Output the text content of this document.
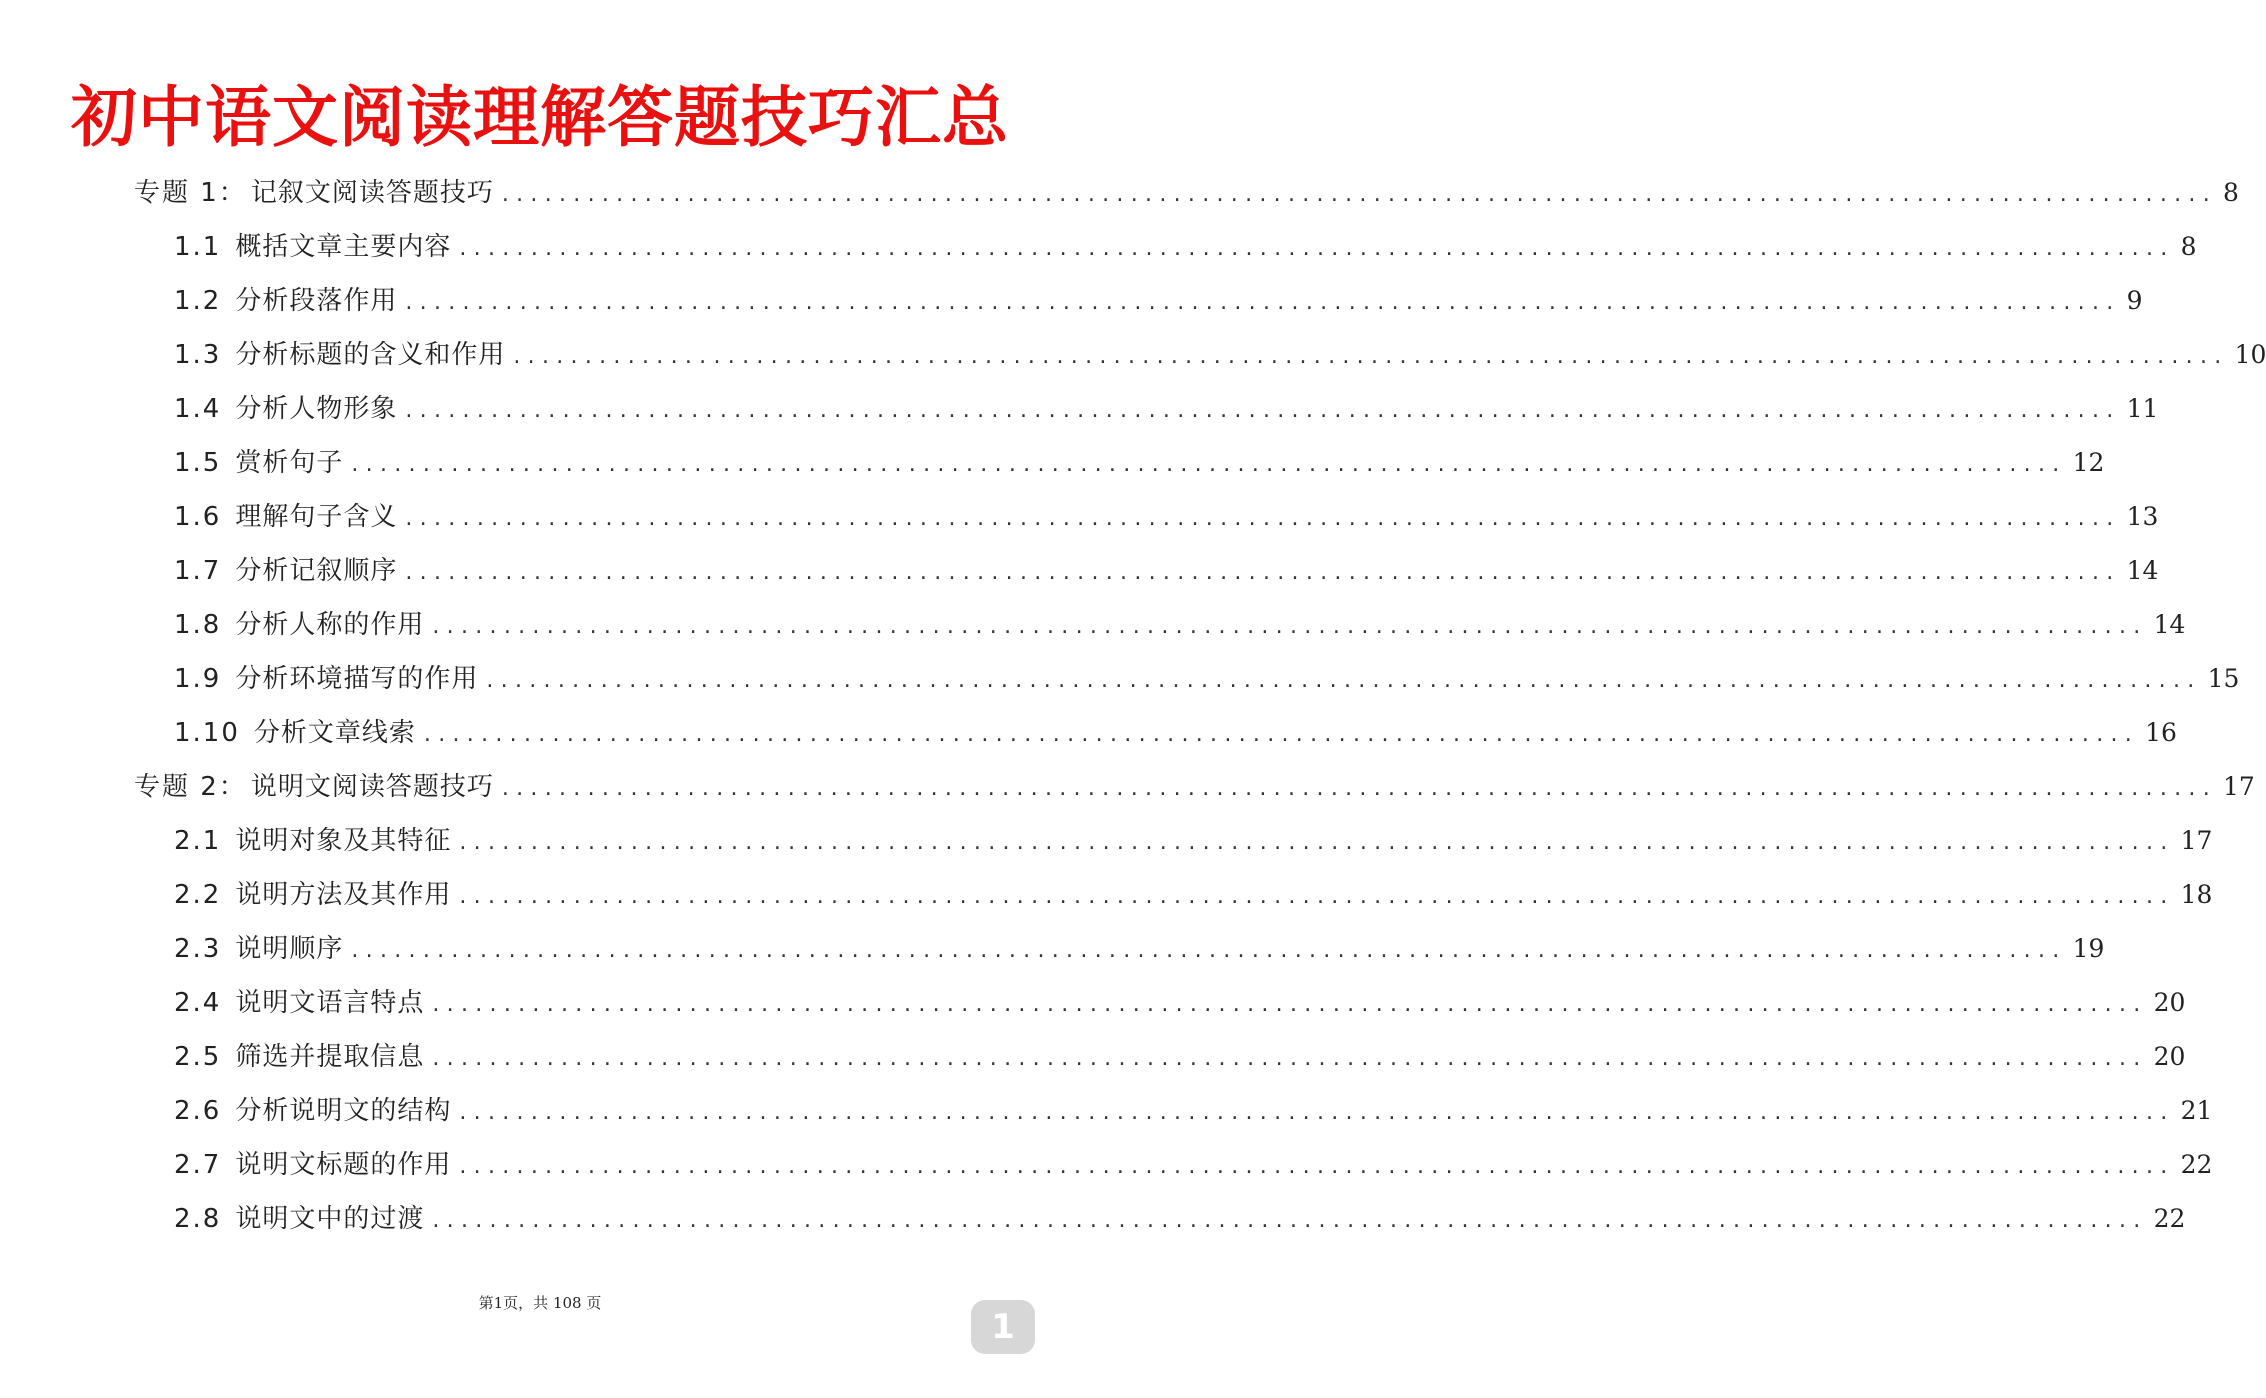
初中语文阅读理解答题技巧汇总
专题 1： 记叙文阅读答题技巧 ........................................................................................................................ 8
1.1 概括文章主要内容 ........................................................................................................................ 8
1.2 分析段落作用 ........................................................................................................................ 9
1.3 分析标题的含义和作用 ........................................................................................................................ 10
1.4 分析人物形象 ........................................................................................................................ 11
1.5 赏析句子 ........................................................................................................................ 12
1.6 理解句子含义 ........................................................................................................................ 13
1.7 分析记叙顺序 ........................................................................................................................ 14
1.8 分析人称的作用 ........................................................................................................................ 14
1.9 分析环境描写的作用 ........................................................................................................................ 15
1.10 分析文章线索 ........................................................................................................................ 16
专题 2： 说明文阅读答题技巧 ........................................................................................................................ 17
2.1 说明对象及其特征 ........................................................................................................................ 17
2.2 说明方法及其作用 ........................................................................................................................ 18
2.3 说明顺序 ........................................................................................................................ 19
2.4 说明文语言特点 ........................................................................................................................ 20
2.5 筛选并提取信息 ........................................................................................................................ 20
2.6 分析说明文的结构 ........................................................................................................................ 21
2.7 说明文标题的作用 ........................................................................................................................ 22
2.8 说明文中的过渡 ........................................................................................................................ 22
第1页，共 108 页
1
